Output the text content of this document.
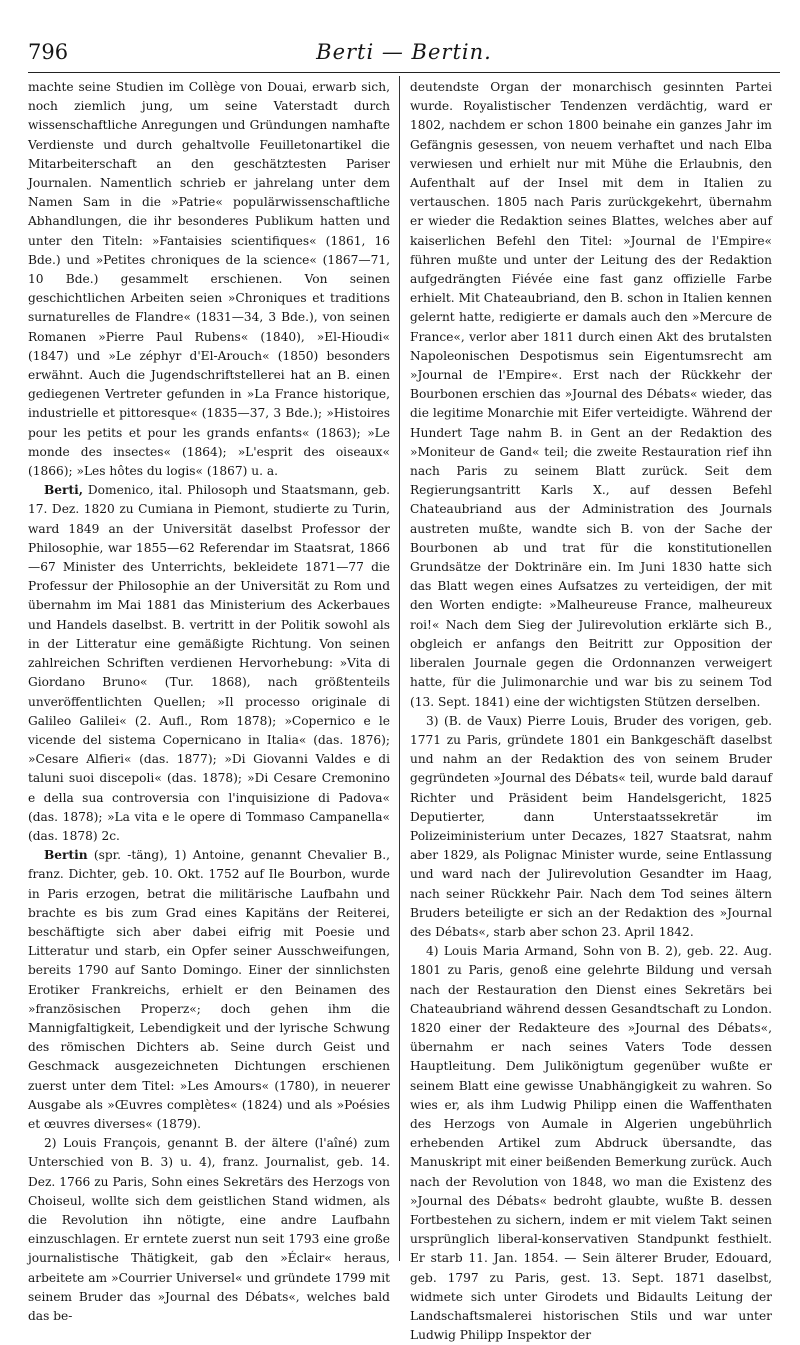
796	Berti — Bertin.

machte seine Studien im Collège von Douai, erwarb sich, noch ziemlich jung, um seine Vaterstadt durch wissenschaftliche Anregungen und Gründungen namhafte Verdienste und durch gehaltvolle Feuilletonartikel die Mitarbeiterschaft an den geschätztesten Pariser Journalen. Namentlich schrieb er jahrelang unter dem Namen Sam in die »Patrie« populärwissenschaftliche Abhandlungen, die ihr besonderes Publikum hatten und unter den Titeln: »Fantaisies scientifiques« (1861, 16 Bde.) und »Petites chroniques de la science« (1867—71, 10 Bde.) gesammelt erschienen. Von seinen geschichtlichen Arbeiten seien »Chroniques et traditions surnaturelles de Flandre« (1831—34, 3 Bde.), von seinen Romanen »Pierre Paul Rubens« (1840), »El-Hioudi« (1847) und »Le zéphyr d'El-Arouch« (1850) besonders erwähnt. Auch die Jugendschriftstellerei hat an B. einen gediegenen Vertreter gefunden in »La France historique, industrielle et pittoresque« (1835—37, 3 Bde.); »Histoires pour les petits et pour les grands enfants« (1863); »Le monde des insectes« (1864); »L'esprit des oiseaux« (1866); »Les hôtes du logis« (1867) u. a.

Berti, Domenico, ital. Philosoph und Staatsmann, geb. 17. Dez. 1820 zu Cumiana in Piemont, studierte zu Turin, ward 1849 an der Universität daselbst Professor der Philosophie, war 1855—62 Referendar im Staatsrat, 1866—67 Minister des Unterrichts, bekleidete 1871—77 die Professur der Philosophie an der Universität zu Rom und übernahm im Mai 1881 das Ministerium des Ackerbaues und Handels daselbst. B. vertritt in der Politik sowohl als in der Litteratur eine gemäßigte Richtung. Von seinen zahlreichen Schriften verdienen Hervorhebung: »Vita di Giordano Bruno« (Tur. 1868), nach größtenteils unveröffentlichten Quellen; »Il processo originale di Galileo Galilei« (2. Aufl., Rom 1878); »Copernico e le vicende del sistema Copernicano in Italia« (das. 1876); »Cesare Alfieri« (das. 1877); »Di Giovanni Valdes e di taluni suoi discepoli« (das. 1878); »Di Cesare Cremonino e della sua controversia con l'inquisizione di Padova« (das. 1878); »La vita e le opere di Tommaso Campanella« (das. 1878) 2c.

Bertin (spr. -täng), 1) Antoine, genannt Chevalier B., franz. Dichter, geb. 10. Okt. 1752 auf Ile Bourbon, wurde in Paris erzogen, betrat die militärische Laufbahn und brachte es bis zum Grad eines Kapitäns der Reiterei, beschäftigte sich aber dabei eifrig mit Poesie und Litteratur und starb, ein Opfer seiner Ausschweifungen, bereits 1790 auf Santo Domingo. Einer der sinnlichsten Erotiker Frankreichs, erhielt er den Beinamen des »französischen Properz«; doch gehen ihm die Mannigfaltigkeit, Lebendigkeit und der lyrische Schwung des römischen Dichters ab. Seine durch Geist und Geschmack ausgezeichneten Dichtungen erschienen zuerst unter dem Titel: »Les Amours« (1780), in neuerer Ausgabe als »Œuvres complètes« (1824) und als »Poésies et œuvres diverses« (1879).

2) Louis François, genannt B. der ältere (l'aîné) zum Unterschied von B. 3) u. 4), franz. Journalist, geb. 14. Dez. 1766 zu Paris, Sohn eines Sekretärs des Herzogs von Choiseul, wollte sich dem geistlichen Stand widmen, als die Revolution ihn nötigte, eine andre Laufbahn einzuschlagen. Er erntete zuerst nun seit 1793 eine große journalistische Thätigkeit, gab den »Éclair« heraus, arbeitete am »Courrier Universel« und gründete 1799 mit seinem Bruder das »Journal des Débats«, welches bald das be-

deutendste Organ der monarchisch gesinnten Partei wurde. Royalistischer Tendenzen verdächtig, ward er 1802, nachdem er schon 1800 beinahe ein ganzes Jahr im Gefängnis gesessen, von neuem verhaftet und nach Elba verwiesen und erhielt nur mit Mühe die Erlaubnis, den Aufenthalt auf der Insel mit dem in Italien zu vertauschen. 1805 nach Paris zurückgekehrt, übernahm er wieder die Redaktion seines Blattes, welches aber auf kaiserlichen Befehl den Titel: »Journal de l'Empire« führen mußte und unter der Leitung des der Redaktion aufgedrängten Fiévée eine fast ganz offizielle Farbe erhielt. Mit Chateaubriand, den B. schon in Italien kennen gelernt hatte, redigierte er damals auch den »Mercure de France«, verlor aber 1811 durch einen Akt des brutalsten Napoleonischen Despotismus sein Eigentumsrecht am »Journal de l'Empire«. Erst nach der Rückkehr der Bourbonen erschien das »Journal des Débats« wieder, das die legitime Monarchie mit Eifer verteidigte. Während der Hundert Tage nahm B. in Gent an der Redaktion des »Moniteur de Gand« teil; die zweite Restauration rief ihn nach Paris zu seinem Blatt zurück. Seit dem Regierungsantritt Karls X., auf dessen Befehl Chateaubriand aus der Administration des Journals austreten mußte, wandte sich B. von der Sache der Bourbonen ab und trat für die konstitutionellen Grundsätze der Doktrinäre ein. Im Juni 1830 hatte sich das Blatt wegen eines Aufsatzes zu verteidigen, der mit den Worten endigte: »Malheureuse France, malheureux roi!« Nach dem Sieg der Julirevolution erklärte sich B., obgleich er anfangs den Beitritt zur Opposition der liberalen Journale gegen die Ordonnanzen verweigert hatte, für die Julimonarchie und war bis zu seinem Tod (13. Sept. 1841) eine der wichtigsten Stützen derselben.

3) (B. de Vaux) Pierre Louis, Bruder des vorigen, geb. 1771 zu Paris, gründete 1801 ein Bankgeschäft daselbst und nahm an der Redaktion des von seinem Bruder gegründeten »Journal des Débats« teil, wurde bald darauf Richter und Präsident beim Handelsgericht, 1825 Deputierter, dann Unterstaatssekretär im Polizeiministerium unter Decazes, 1827 Staatsrat, nahm aber 1829, als Polignac Minister wurde, seine Entlassung und ward nach der Julirevolution Gesandter im Haag, nach seiner Rückkehr Pair. Nach dem Tod seines ältern Bruders beteiligte er sich an der Redaktion des »Journal des Débats«, starb aber schon 23. April 1842.

4) Louis Maria Armand, Sohn von B. 2), geb. 22. Aug. 1801 zu Paris, genoß eine gelehrte Bildung und versah nach der Restauration den Dienst eines Sekretärs bei Chateaubriand während dessen Gesandtschaft zu London. 1820 einer der Redakteure des »Journal des Débats«, übernahm er nach seines Vaters Tode dessen Hauptleitung. Dem Julikönigtum gegenüber wußte er seinem Blatt eine gewisse Unabhängigkeit zu wahren. So wies er, als ihm Ludwig Philipp einen die Waffenthaten des Herzogs von Aumale in Algerien ungebührlich erhebenden Artikel zum Abdruck übersandte, das Manuskript mit einer beißenden Bemerkung zurück. Auch nach der Revolution von 1848, wo man die Existenz des »Journal des Débats« bedroht glaubte, wußte B. dessen Fortbestehen zu sichern, indem er mit vielem Takt seinen ursprünglich liberal-konservativen Standpunkt festhielt. Er starb 11. Jan. 1854. — Sein älterer Bruder, Edouard, geb. 1797 zu Paris, gest. 13. Sept. 1871 daselbst, widmete sich unter Girodets und Bidaults Leitung der Landschaftsmalerei historischen Stils und war unter Ludwig Philipp Inspektor der
